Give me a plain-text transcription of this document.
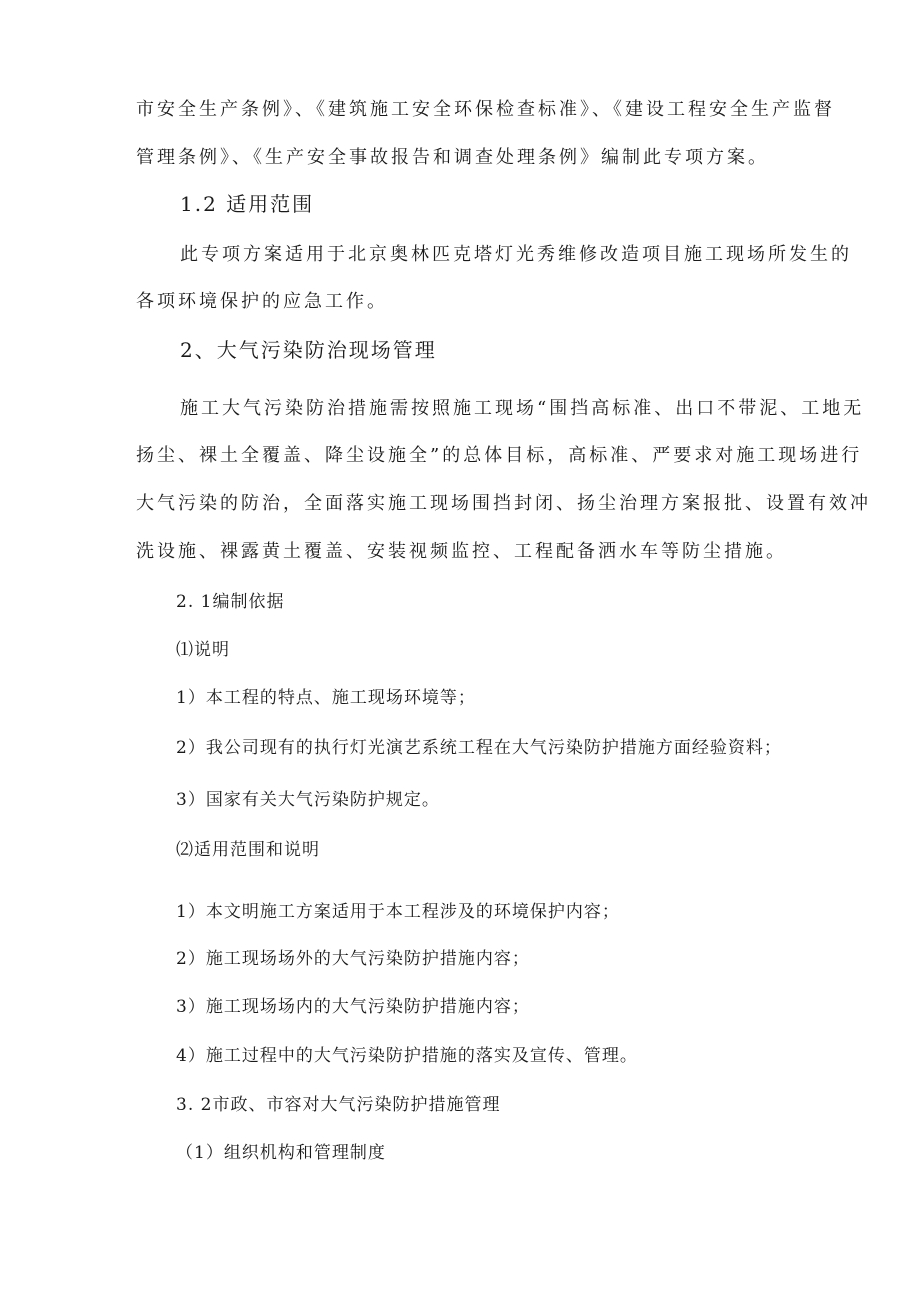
市安全生产条例》、《建筑施工安全环保检查标准》、《建设工程安全生产监督
管理条例》、《生产安全事故报告和调查处理条例》编制此专项方案。
1.2 适用范围
此专项方案适用于北京奥林匹克塔灯光秀维修改造项目施工现场所发生的
各项环境保护的应急工作。
2、大气污染防治现场管理
施工大气污染防治措施需按照施工现场“围挡高标准、出口不带泥、工地无
扬尘、裸土全覆盖、降尘设施全”的总体目标，高标准、严要求对施工现场进行
大气污染的防治，全面落实施工现场围挡封闭、扬尘治理方案报批、设置有效冲
洗设施、裸露黄土覆盖、安装视频监控、工程配备洒水车等防尘措施。
2. 1编制依据
⑴说明
1）本工程的特点、施工现场环境等；
2）我公司现有的执行灯光演艺系统工程在大气污染防护措施方面经验资料；
3）国家有关大气污染防护规定。
⑵适用范围和说明
1）本文明施工方案适用于本工程涉及的环境保护内容；
2）施工现场场外的大气污染防护措施内容；
3）施工现场场内的大气污染防护措施内容；
4）施工过程中的大气污染防护措施的落实及宣传、管理。
3. 2市政、市容对大气污染防护措施管理
（1）组织机构和管理制度
